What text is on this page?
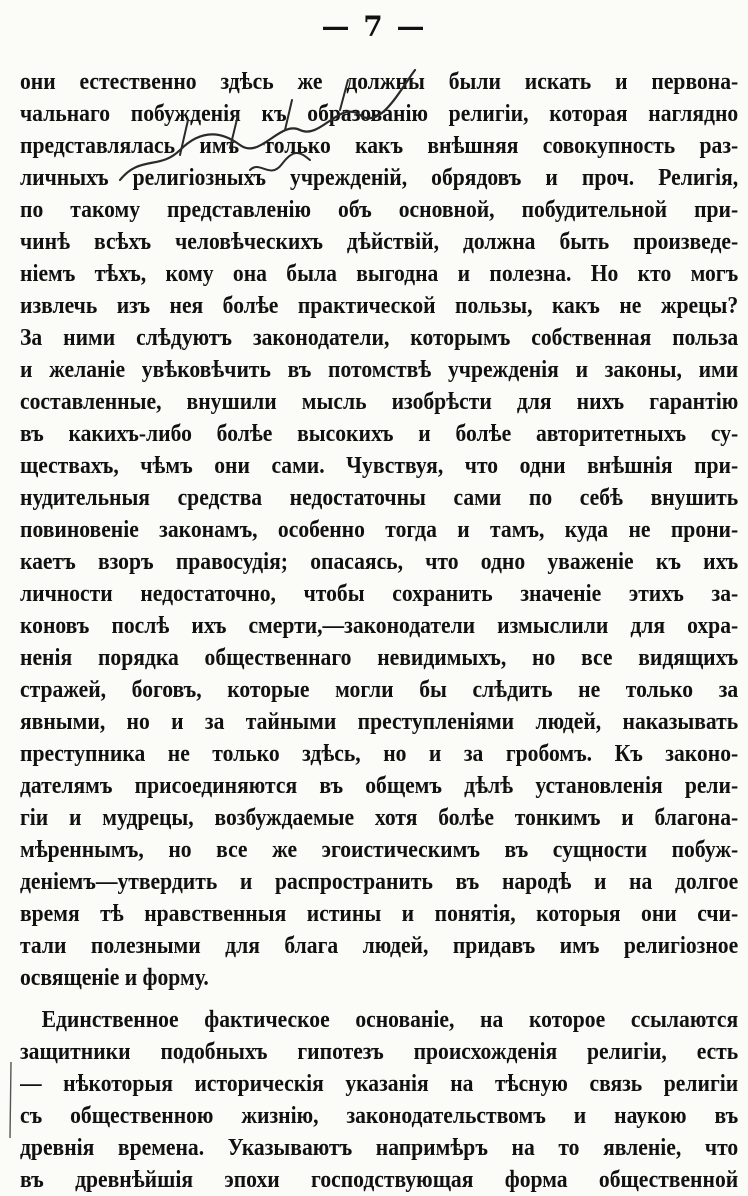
— 7 —
они естественно здѣсь же должны были искать и первона-
чальнаго побужденія къ образованію религіи, которая наглядно
представлялась имъ только какъ внѣшняя совокупность раз-
личныхъ религіозныхъ учрежденій, обрядовъ и проч. Религія,
по такому представленію объ основной, побудительной при-
чинѣ всѣхъ человѣческихъ дѣйствій, должна быть произведе-
ніемъ тѣхъ, кому она была выгодна и полезна. Но кто могъ
извлечь изъ нея болѣе практической пользы, какъ не жрецы?
За ними слѣдуютъ законодатели, которымъ собственная польза
и желаніе увѣковѣчить въ потомствѣ учрежденія и законы, ими
составленные, внушили мысль изобрѣсти для нихъ гарантію
въ какихъ-либо болѣе высокихъ и болѣе авторитетныхъ су-
ществахъ, чѣмъ они сами. Чувствуя, что одни внѣшнія при-
нудительныя средства недостаточны сами по себѣ внушить
повиновеніе законамъ, особенно тогда и тамъ, куда не прони-
каетъ взоръ правосудія; опасаясь, что одно уваженіе къ ихъ
личности недостаточно, чтобы сохранить значеніе этихъ за-
коновъ послѣ ихъ смерти,—законодатели измыслили для охра-
ненія порядка общественнаго невидимыхъ, но все видящихъ
стражей, боговъ, которые могли бы слѣдить не только за
явными, но и за тайными преступленіями людей, наказывать
преступника не только здѣсь, но и за гробомъ. Къ законо-
дателямъ присоединяются въ общемъ дѣлѣ установленія рели-
гіи и мудрецы, возбуждаемые хотя болѣе тонкимъ и благона-
мѣреннымъ, но все же эгоистическимъ въ сущности побуж-
деніемъ—утвердить и распространить въ народѣ и на долгое
время тѣ нравственныя истины и понятія, которыя они счи-
тали полезными для блага людей, придавъ имъ религіозное
освященіе и форму.
Единственное фактическое основаніе, на которое ссылаются
защитники подобныхъ гипотезъ происхожденія религіи, есть
— нѣкоторыя историческія указанія на тѣсную связь религіи
съ общественною жизнію, законодательствомъ и наукою въ
древнія времена. Указываютъ напримѣръ на то явленіе, что
въ древнѣйшія эпохи господствующая форма общественной
